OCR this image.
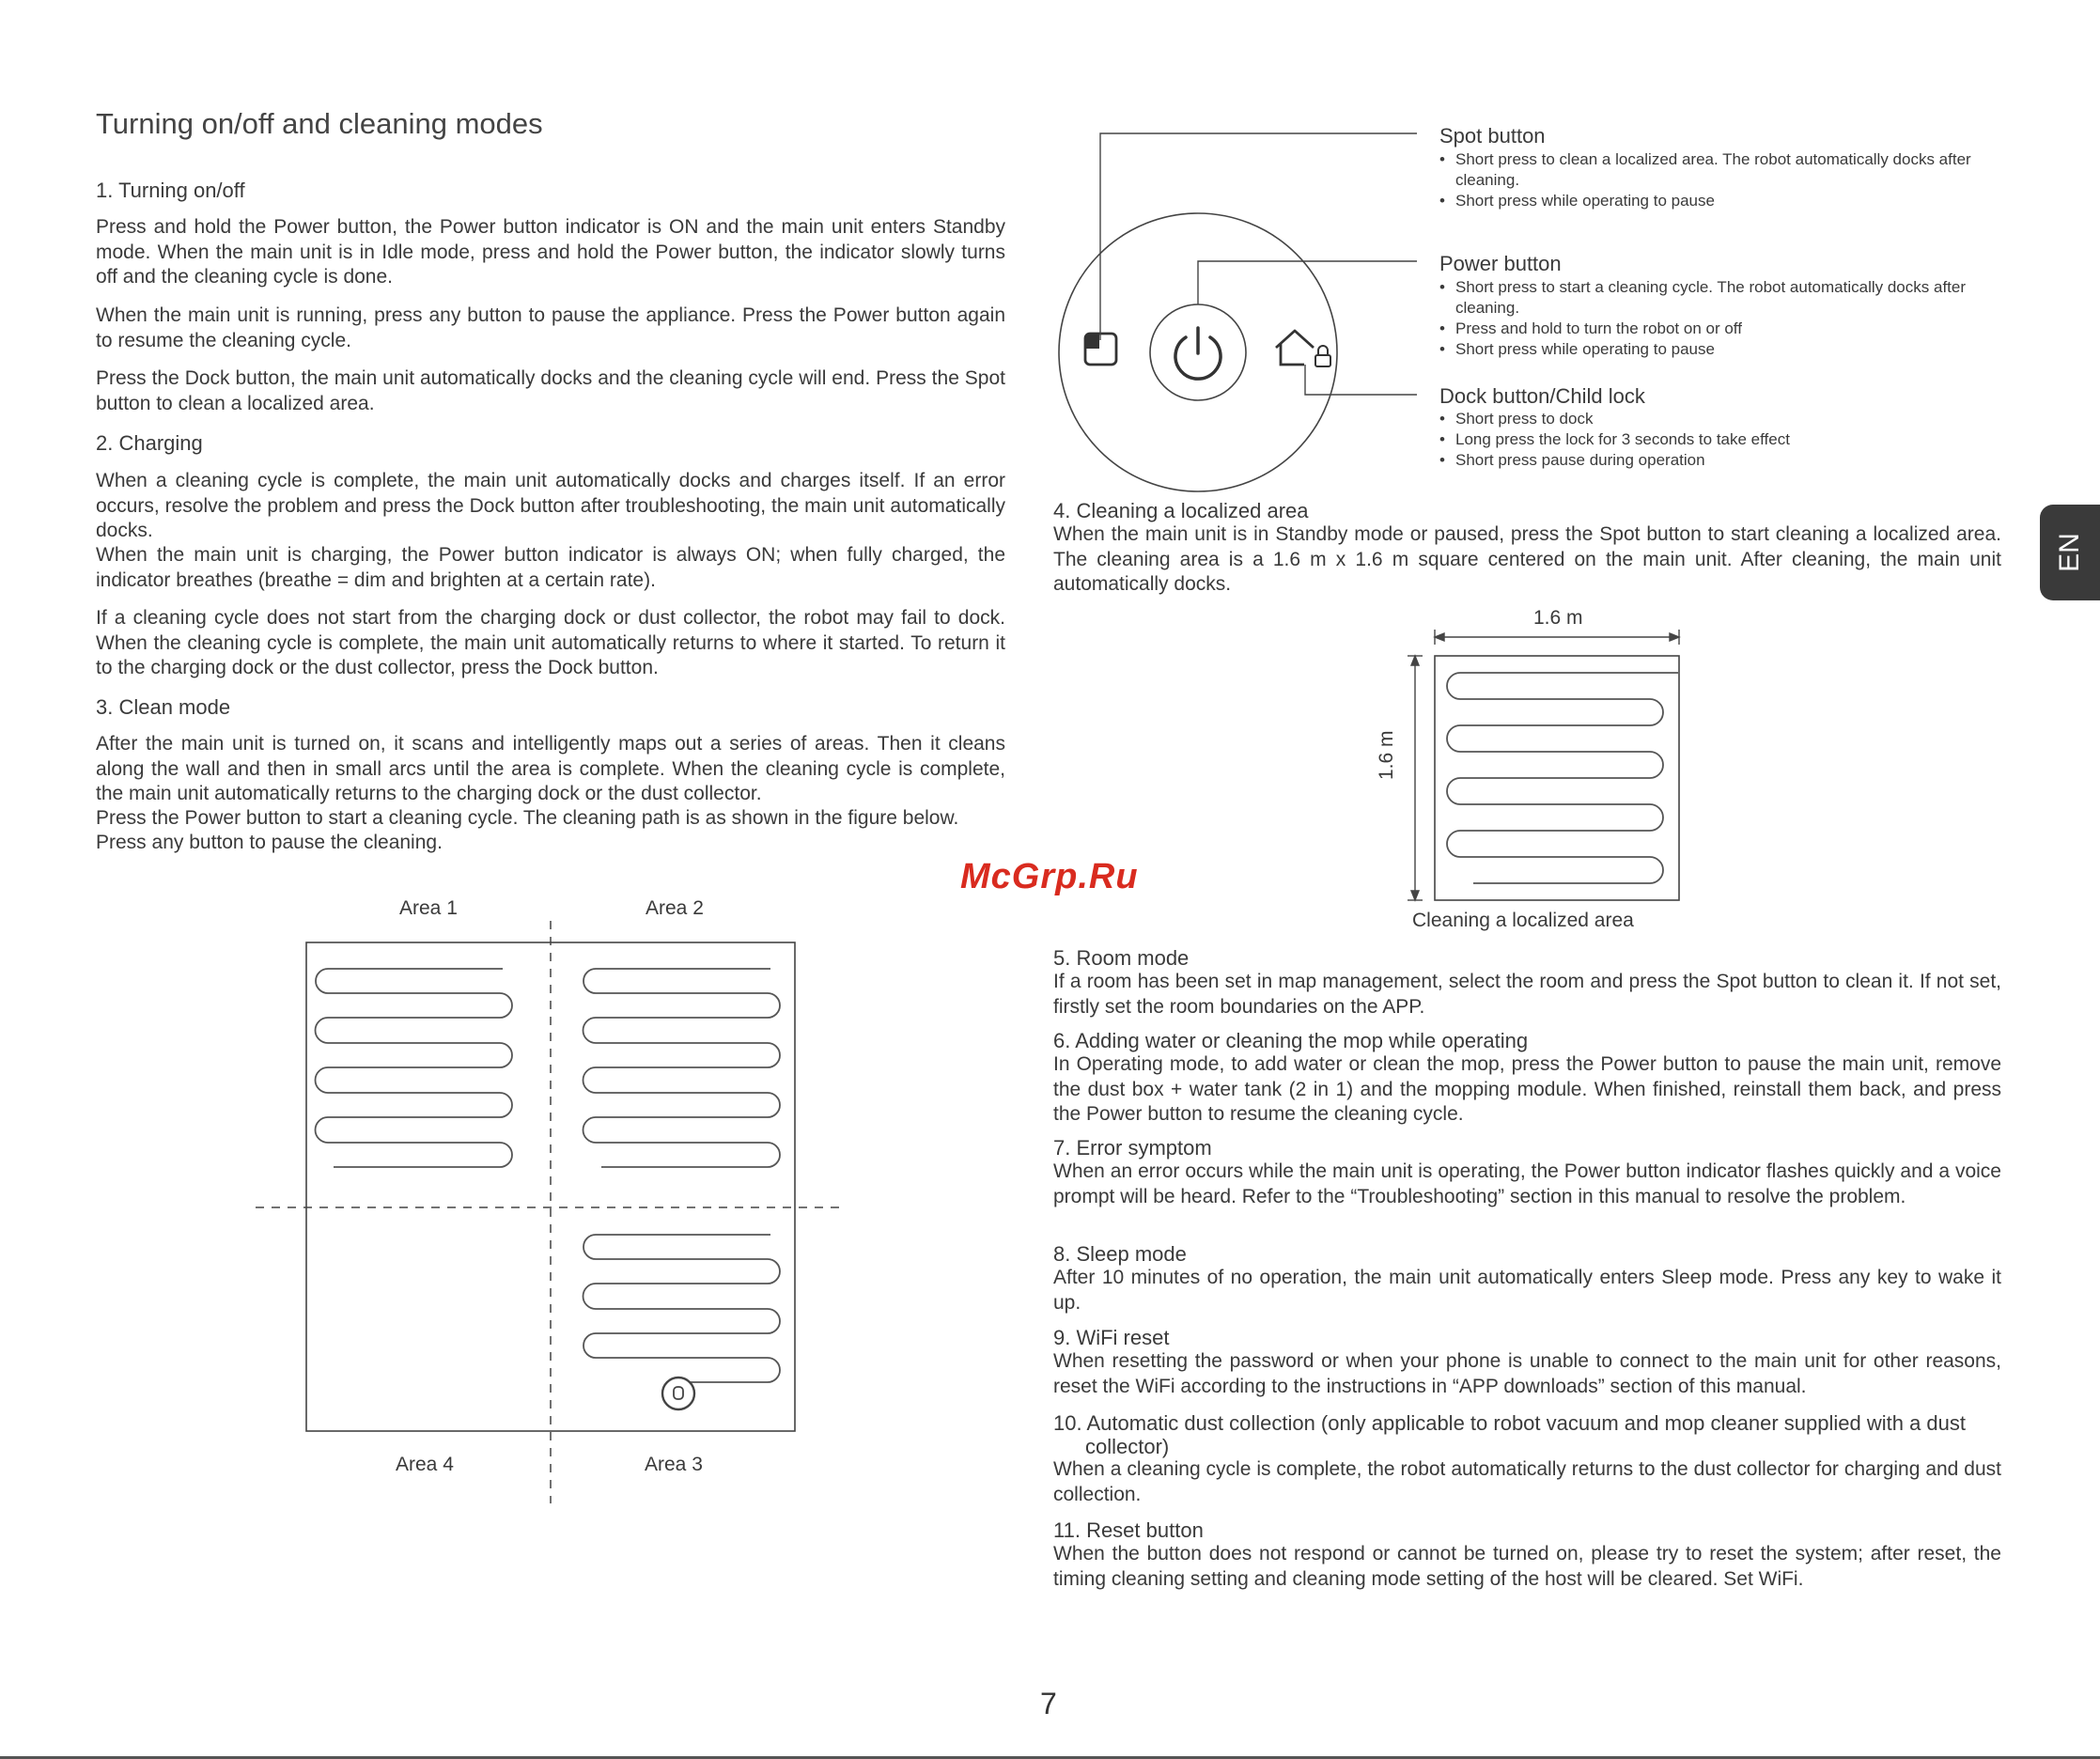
Turning on/off and cleaning modes
1. Turning on/off
Press and hold the Power button, the Power button indicator is ON and the main unit enters Standby mode. When the main unit is in Idle mode, press and hold the Power button, the indicator slowly turns off and the cleaning cycle is done.
When the main unit is running, press any button to pause the appliance. Press the Power button again to resume the cleaning cycle.
Press the Dock button, the main unit automatically docks and the cleaning cycle will end. Press the Spot button to clean a localized area.
2. Charging
When a cleaning cycle is complete, the main unit automatically docks and charges itself. If an error occurs, resolve the problem and press the Dock button after troubleshooting, the main unit automatically docks.
When the main unit is charging, the Power button indicator is always ON; when fully charged, the indicator breathes (breathe = dim and brighten at a certain rate).
If a cleaning cycle does not start from the charging dock or dust collector, the robot may fail to dock. When the cleaning cycle is complete, the main unit automatically returns to where it started. To return it to the charging dock or the dust collector, press the Dock button.
3. Clean mode
After the main unit is turned on, it scans and intelligently maps out a series of areas. Then it cleans along the wall and then in small arcs until the area is complete. When the cleaning cycle is complete, the main unit automatically returns to the charging dock or the dust collector.
Press the Power button to start a cleaning cycle. The cleaning path is as shown in the figure below.
Press any button to pause the cleaning.
Area 1	Area 2
Area 4	Area 3
Spot button
• Short press to clean a localized area. The robot automatically docks after cleaning.
• Short press while operating to pause
Power button
• Short press to start a cleaning cycle. The robot automatically docks after cleaning.
• Press and hold to turn the robot on or off
• Short press while operating to pause
Dock button/Child lock
• Short press to dock
• Long press the lock for 3 seconds to take effect
• Short press pause during operation
EN
4. Cleaning a localized area
When the main unit is in Standby mode or paused, press the Spot button to start cleaning a localized area. The cleaning area is a 1.6 m x 1.6 m square centered on the main unit. After cleaning, the main unit automatically docks.
1.6 m
1.6 m
Cleaning a localized area
5. Room mode
If a room has been set in map management, select the room and press the Spot button to clean it. If not set, firstly set the room boundaries on the APP.
6. Adding water or cleaning the mop while operating
In Operating mode, to add water or clean the mop, press the Power button to pause the main unit, remove the dust box + water tank (2 in 1) and the mopping module. When finished, reinstall them back, and press the Power button to resume the cleaning cycle.
7. Error symptom
When an error occurs while the main unit is operating, the Power button indicator flashes quickly and a voice prompt will be heard. Refer to the “Troubleshooting” section in this manual to resolve the problem.
8. Sleep mode
After 10 minutes of no operation, the main unit automatically enters Sleep mode. Press any key to wake it up.
9. WiFi reset
When resetting the password or when your phone is unable to connect to the main unit for other reasons, reset the WiFi according to the instructions in “APP downloads” section of this manual.
10. Automatic dust collection (only applicable to robot vacuum and mop cleaner supplied with a dust
collector)
When a cleaning cycle is complete, the robot automatically returns to the dust collector for charging and dust collection.
11. Reset button
When the button does not respond or cannot be turned on, please try to reset the system; after reset, the timing cleaning setting and cleaning mode setting of the host will be cleared. Set WiFi.
McGrp.Ru
7
